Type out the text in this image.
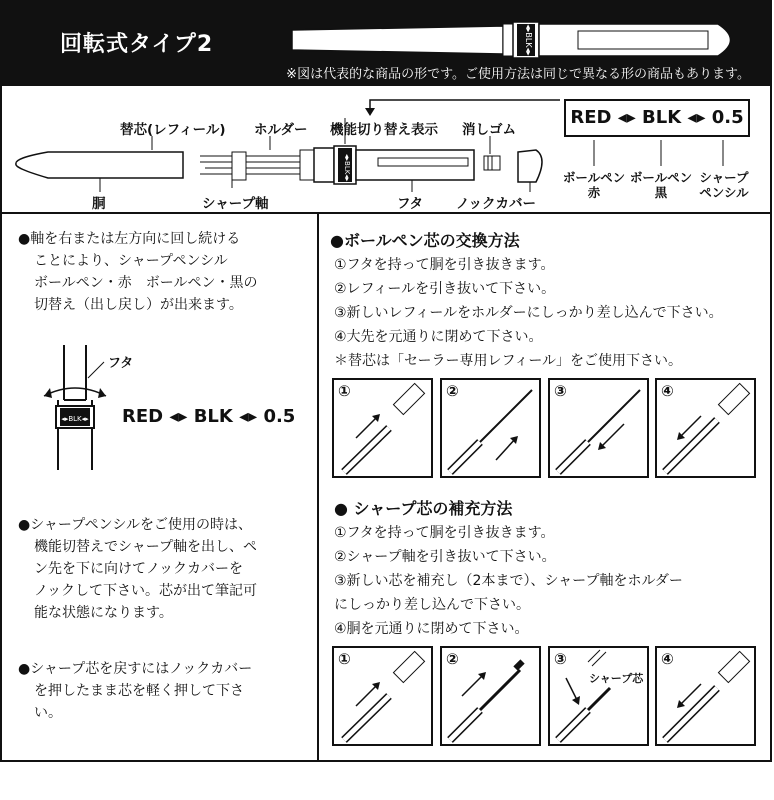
回転式タイプ2	◂▸BLK◂▸
※図は代表的な商品の形です。ご使用方法は同じで異なる形の商品もあります。
替芯(レフィール) ホルダー 機能切り替え表示 消しゴム
◂▸BLK◂▸
胴	シャープ軸	フタ ノックカバー
RED ◂▸ BLK ◂▸ 0.5
ボールペン
赤
ボールペン
黒
シャープ
ペンシル
●軸を右または左方向に回し続ける
ことにより、シャープペンシル
ボールペン・赤　ボールペン・黒の
切替え（出し戻し）が出来ます。
◂▸BLK◂▸
フタ
RED ◂▸ BLK ◂▸ 0.5
●シャープペンシルをご使用の時は、
機能切替えでシャープ軸を出し、ペ
ン先を下に向けてノックカバーを
ノックして下さい。芯が出て筆記可
能な状態になります。
●シャープ芯を戻すにはノックカバー
を押したまま芯を軽く押して下さ
い。
●ボールペン芯の交換方法
①フタを持って胴を引き抜きます。
②レフィールを引き抜いて下さい。
③新しいレフィールをホルダーにしっかり差し込んで下さい。
④大先を元通りに閉めて下さい。
＊替芯は「セーラー専用レフィール」をご使用下さい。
①	②	③	④
● シャープ芯の補充方法
①フタを持って胴を引き抜きます。
②シャープ軸を引き抜いて下さい。
③新しい芯を補充し（2本まで）、シャープ軸をホルダー
にしっかり差し込んで下さい。
④胴を元通りに閉めて下さい。
①	②	③
シャープ芯
④
